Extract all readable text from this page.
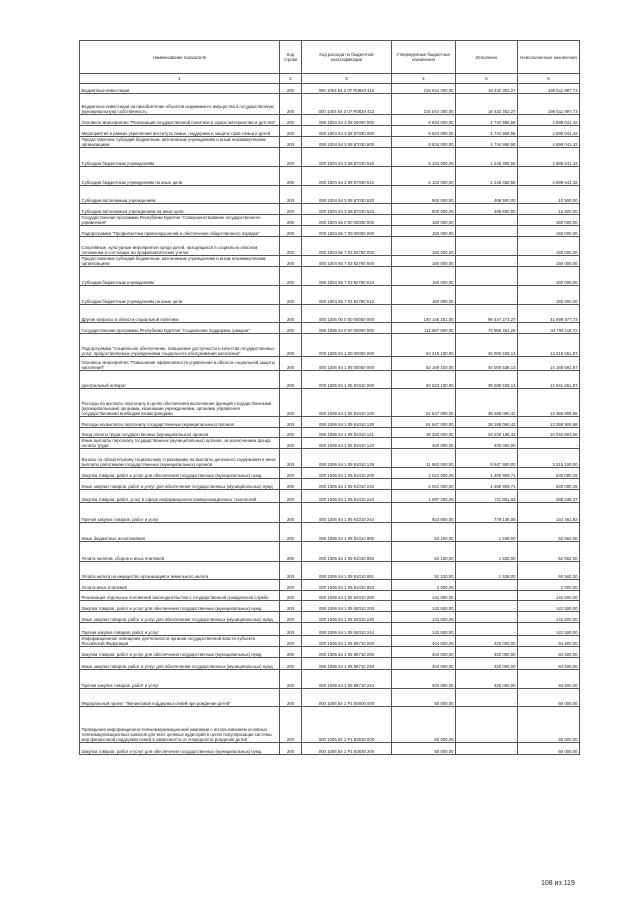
Наименование показателя	Код строки	Код расхода по бюджетной классификации	Утвержденные бюджетные назначения	Исполнено	Неисполненные назначения
1	2	3	4	5	6
Бюджетные инвестиции	200	000 1004 54 3 07 R0820 410	215 044 200,00	18 432 302,27	196 611 897,73
Бюджетные инвестиции на приобретение объектов недвижимого имущества в государственную (муниципальную) собственность	200	000 1004 54 3 07 R0820 412	215 044 200,00	18 432 302,27	196 611 897,73
Основное мероприятие "Реализация государственной политики в сфере материнства и детства"	200	000 1004 54 3 08 00000 000	6 634 000,00	1 734 958,58	4 899 041,42
Мероприятия в рамках укрепления института семьи, поддержки и защиты прав семьи и детей	200	000 1004 54 3 08 87030 000	6 634 000,00	1 734 958,58	4 899 041,42
Предоставление субсидий бюджетным, автономным учреждениям и иным некоммерческим организациям	200	000 1004 54 3 08 87030 600	6 634 000,00	1 734 958,58	4 899 041,42
Субсидии бюджетным учреждениям	200	000 1004 54 3 08 87030 610	6 134 000,00	1 245 458,58	4 888 541,42
Субсидии бюджетным учреждениям на иные цели	200	000 1004 54 3 08 87030 612	6 134 000,00	1 245 458,58	4 888 541,42
Субсидии автономным учреждениям	200	000 1004 54 3 08 87030 620	500 000,00	489 500,00	10 500,00
Субсидии автономным учреждениям на иные цели	200	000 1004 54 3 08 87030 622	500 000,00	489 500,00	10 500,00
Государственная программа Республики Бурятия "Совершенствование государственного управления"	200	000 1004 65 0 00 00000 000	150 000,00	-	150 000,00
Подпрограмма "Профилактика правонарушений и обеспечение общественного порядка"	200	000 1004 65 7 00 00000 000	150 000,00	-	150 000,00
Спортивные, культурные мероприятия среди детей, находящихся в социально опасном положении и состоящих на профилактических учетах	200	000 1004 65 7 03 82760 000	150 000,00	-	150 000,00
Предоставление субсидий бюджетным, автономным учреждениям и иным некоммерческим организациям	200	000 1004 65 7 03 82760 600	150 000,00	-	150 000,00
Субсидии бюджетным учреждениям	200	000 1004 65 7 03 82760 610	150 000,00	-	150 000,00
Субсидии бюджетным учреждениям на иные цели	200	000 1004 65 7 03 82760 612	150 000,00	-	150 000,00
Другие вопросы в области социальной политики	200	000 1006 00 0 00 00000 000	140 145 251,00	98 447 273,27	41 698 977,73
Государственная программа Республики Бурятия "Социальная поддержка граждан"	200	000 1006 54 0 00 00000 000	111 667 600,00	76 959 461,28	34 708 118,72
Подпрограмма "Социальное обеспечение, повышение доступности и качества государственных услуг, предоставляемых учреждениями социального обслуживания населения"	200	000 1006 54 1 00 00000 000	54 219 100,00	40 000 538,13	14 218 561,87
Основное мероприятие "Повышение эффективности управления в области социальной защиты населения"	200	000 1006 54 1 05 00000 000	54 169 100,00	40 000 538,13	14 168 561,87
Центральный аппарат	200	000 1006 54 1 05 91010 000	53 622 100,00	39 680 538,13	13 941 561,87
Расходы на выплаты персоналу в целях обеспечения выполнения функций государственными (муниципальными) органами, казенными учреждениями, органами управления государственными внебюджетными фондами	200	000 1006 54 1 05 91010 100	51 547 000,00	38 188 090,42	13 358 909,58
Расходы на выплаты персоналу государственных (муниципальных) органов	200	000 1006 54 1 05 91010 120	51 547 000,00	38 188 090,42	13 358 909,58
Фонд оплаты труда государственных (муниципальных) органов	200	000 1006 54 1 05 91010 121	39 283 000,00	29 240 196,42	10 042 803,58
Иные выплаты персоналу государственных (муниципальных) органов, за исключением фонда оплаты труда	200	000 1006 54 1 05 91010 122	400 000,00	400 000,00	-
Взносы по обязательному социальному страхованию на выплаты денежного содержания и иные выплаты работникам государственных (муниципальных) органов	200	000 1006 54 1 05 91010 129	11 863 000,00	8 547 900,00	3 315 100,00
Закупка товаров, работ и услуг для обеспечения государственных (муниципальных) нужд	200	000 1006 54 1 05 91010 200	2 021 000,00	1 490 909,71	530 090,29
Иные закупки товаров, работ и услуг для обеспечения государственных (муниципальных) нужд	200	000 1006 54 1 05 91010 240	2 021 000,00	1 490 909,71	530 090,29
Закупка товаров, работ, услуг в сфере информационно-коммуникационных технологий	200	000 1006 54 1 05 91010 242	1 097 400,00	711 861,63	385 538,37
Прочая закупка товаров, работ и услуг	200	000 1006 54 1 05 91010 244	923 600,00	779 138,08	144 461,92
Иные бюджетные ассигнования	200	000 1006 54 1 05 91010 800	54 100,00	1 538,00	52 562,00
Уплата налогов, сборов и иных платежей	200	000 1006 54 1 05 91010 850	54 100,00	1 538,00	52 562,00
Уплата налога на имущество организаций и земельного налога	200	000 1006 54 1 05 91010 851	52 100,00	1 538,00	50 562,00
Уплата иных платежей	200	000 1006 54 1 05 91010 853	2 000,00	-	2 000,00
Реализация отдельных положений законодательства о государственной гражданской службе	200	000 1006 54 1 05 92010 000	142 500,00	-	142 500,00
Закупка товаров, работ и услуг для обеспечения государственных (муниципальных) нужд	200	000 1006 54 1 05 92010 200	142 500,00	-	142 500,00
Иные закупки товаров, работ и услуг для обеспечения государственных (муниципальных) нужд	200	000 1006 54 1 05 92010 240	142 500,00	-	142 500,00
Прочая закупка товаров, работ и услуг	200	000 1006 54 1 05 92010 244	142 500,00	-	142 500,00
Информационное освещение деятельности органов государственной власти субъекта Российской Федерации	200	000 1006 54 1 05 88710 000	404 500,00	320 000,00	84 500,00
Закупка товаров, работ и услуг для обеспечения государственных (муниципальных) нужд	200	000 1006 54 1 05 88710 200	404 500,00	320 000,00	84 500,00
Иные закупки товаров, работ и услуг для обеспечения государственных (муниципальных) нужд	200	000 1006 54 1 05 88710 240	404 500,00	320 000,00	84 500,00
Прочая закупка товаров, работ и услуг	200	000 1006 54 1 05 88710 244	404 500,00	320 000,00	84 500,00
Федеральный проект "Финансовая поддержка семей при рождении детей"	200	000 1006 54 1 P1 00000 000	50 000,00	-	50 000,00
Проведение информационно-телекоммуникационной кампании с использованием основных телекоммуникационных каналов для всех целевых аудиторий в целях популяризации системы мер финансовой поддержки семей в зависимости от очередности рождения детей	200	000 1006 54 1 P1 83630 000	50 000,00	-	50 000,00
Закупка товаров, работ и услуг для обеспечения государственных (муниципальных) нужд	200	000 1006 54 1 P1 83630 200	50 000,00	-	50 000,00
108 из 119
